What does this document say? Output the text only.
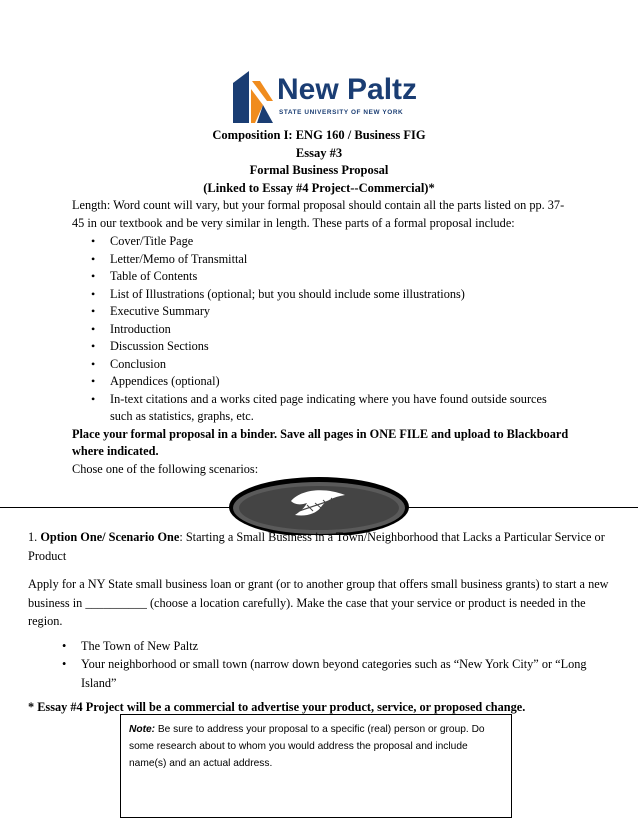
New Paltz
STATE UNIVERSITY OF NEW YORK
Composition I: ENG 160 / Business FIG
Essay #3
Formal Business Proposal
(Linked to Essay #4 Project--Commercial)*

Length: Word count will vary, but your formal proposal should contain all the parts listed on pp. 37-45 in our textbook and be very similar in length. These parts of a formal proposal include:

• Cover/Title Page
• Letter/Memo of Transmittal
• Table of Contents
• List of Illustrations (optional; but you should include some illustrations)
• Executive Summary
• Introduction
• Discussion Sections
• Conclusion
• Appendices (optional)
• In-text citations and a works cited page indicating where you have found outside sources such as statistics, graphs, etc.

Place your formal proposal in a binder. Save all pages in ONE FILE and upload to Blackboard where indicated.

Chose one of the following scenarios:

1. Option One/ Scenario One: Starting a Small Business in a Town/Neighborhood that Lacks a Particular Service or Product

Apply for a NY State small business loan or grant (or to another group that offers small business grants) to start a new business in __________ (choose a location carefully). Make the case that your service or product is needed in the region.

• The Town of New Paltz
• Your neighborhood or small town (narrow down beyond categories such as “New York City” or “Long Island”

* Essay #4 Project will be a commercial to advertise your product, service, or proposed change.

Note: Be sure to address your proposal to a specific (real) person or group. Do some research about to whom you would address the proposal and include name(s) and an actual address.
